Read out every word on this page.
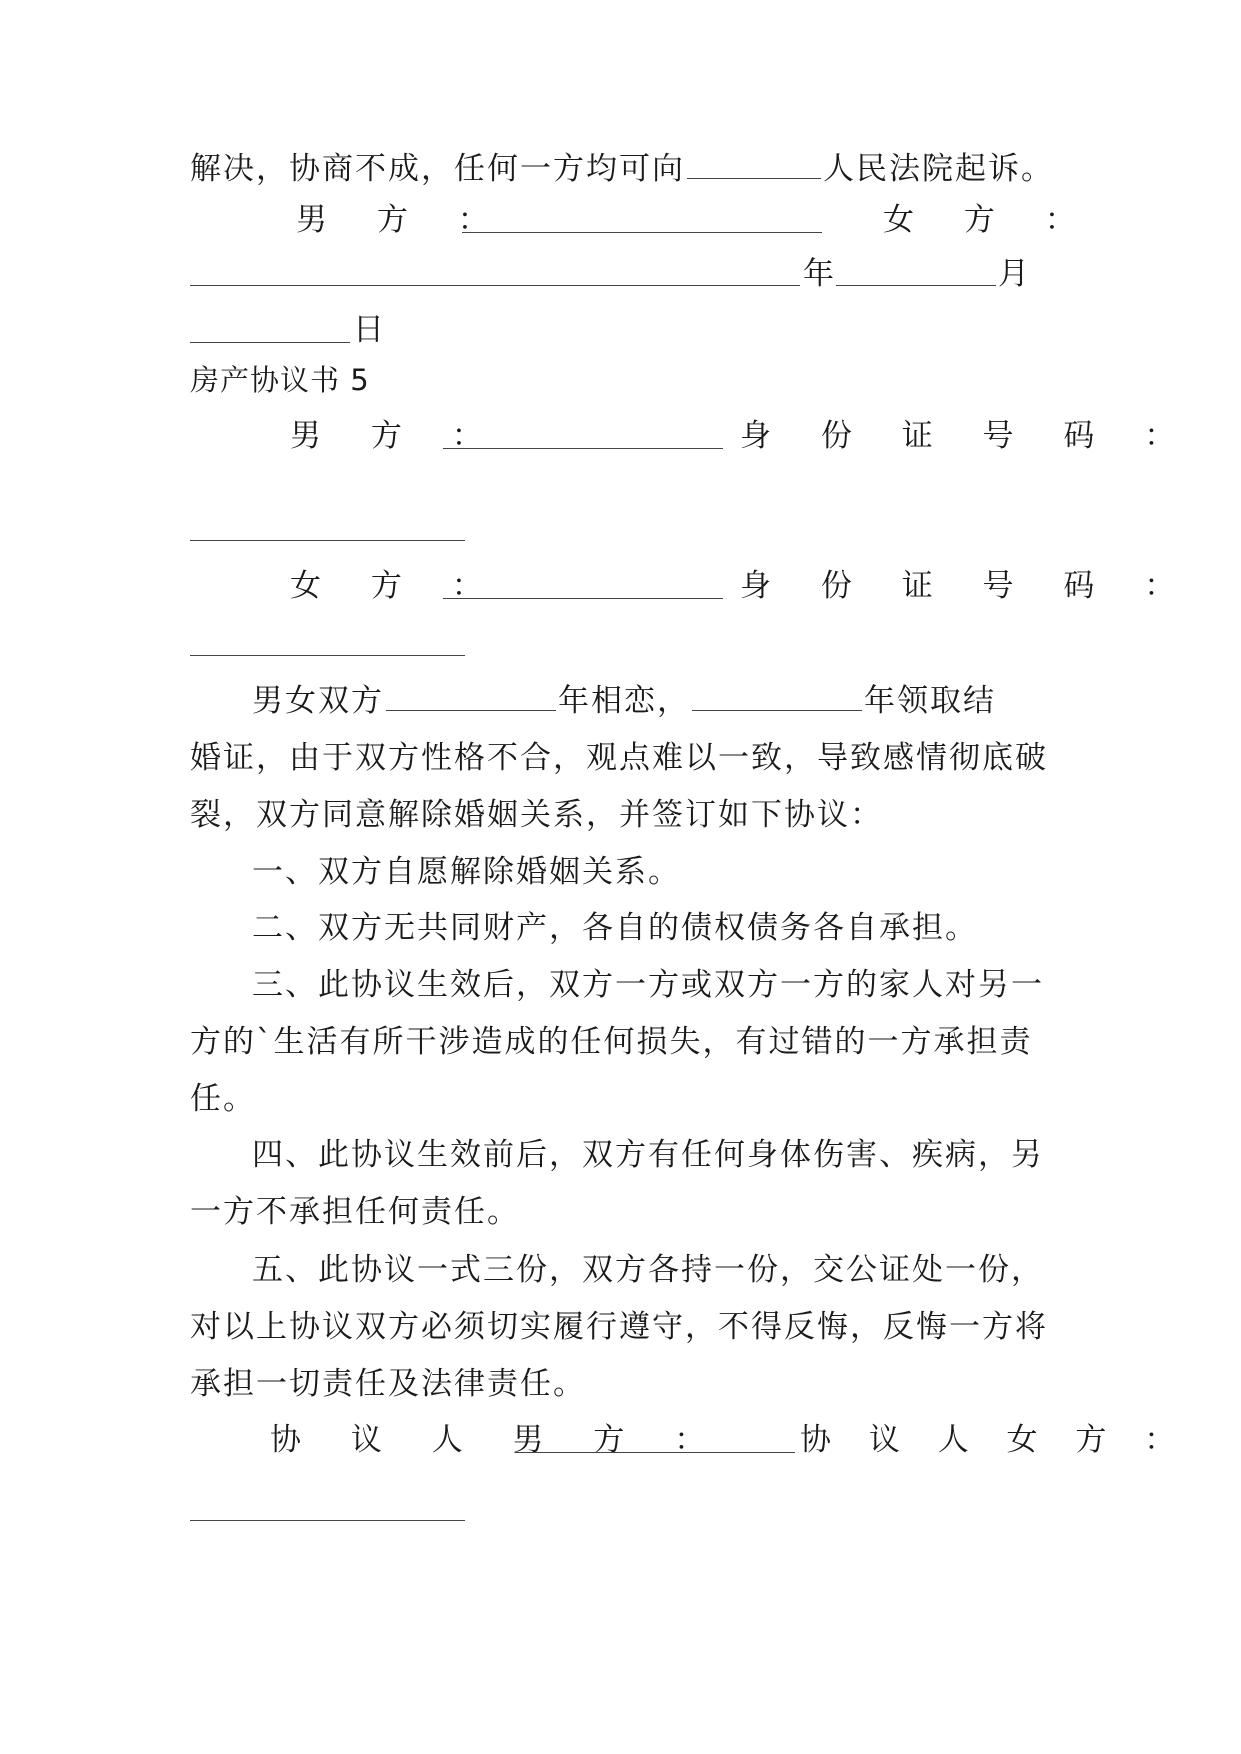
解决，协商不成，任何一方均可向	人民法院起诉。
男 方 ：	女 方 ：
年	月
日
房产协议书 5
男 方 ：	身 份 证 号 码 ：
女 方 ：	身 份 证 号 码 ：
男女双方	年相恋，	年领取结
婚证，由于双方性格不合，观点难以一致，导致感情彻底破
裂，双方同意解除婚姻关系，并签订如下协议：
一、双方自愿解除婚姻关系。
二、双方无共同财产，各自的债权债务各自承担。
三、此协议生效后，双方一方或双方一方的家人对另一
方的`生活有所干涉造成的任何损失，有过错的一方承担责
任。
四、此协议生效前后，双方有任何身体伤害、疾病，另
一方不承担任何责任。
五、此协议一式三份，双方各持一份，交公证处一份，
对以上协议双方必须切实履行遵守，不得反悔，反悔一方将
承担一切责任及法律责任。
协 议 人 男 方 ： 协 议 人 女 方 ：
